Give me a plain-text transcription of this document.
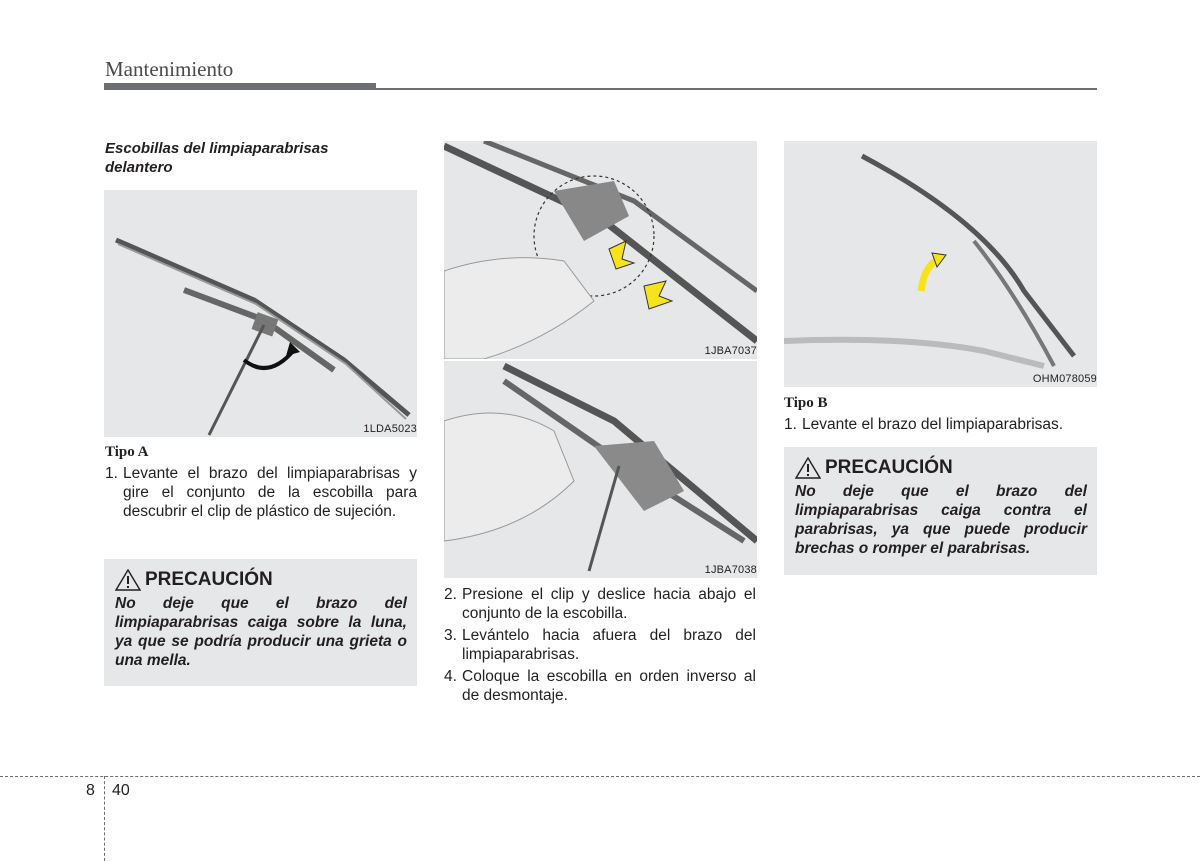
Mantenimiento
Escobillas del limpiaparabrisas
delantero
1LDA5023
Tipo A
1. Levante el brazo del limpiaparabrisas y gire el conjunto de la escobilla para descubrir el clip de plástico de sujeción.
PRECAUCIÓN
No deje que el brazo del limpiaparabrisas caiga sobre la luna, ya que se podría producir una grieta o una mella.
1JBA7037
1JBA7038
2. Presione el clip y deslice hacia abajo el conjunto de la escobilla.
3. Levántelo hacia afuera del brazo del limpiaparabrisas.
4. Coloque la escobilla en orden inverso al de desmontaje.
OHM078059
Tipo B
1. Levante el brazo del limpiaparabrisas.
PRECAUCIÓN
No deje que el brazo del limpiaparabrisas caiga contra el parabrisas, ya que puede producir brechas o romper el parabrisas.
8 40
